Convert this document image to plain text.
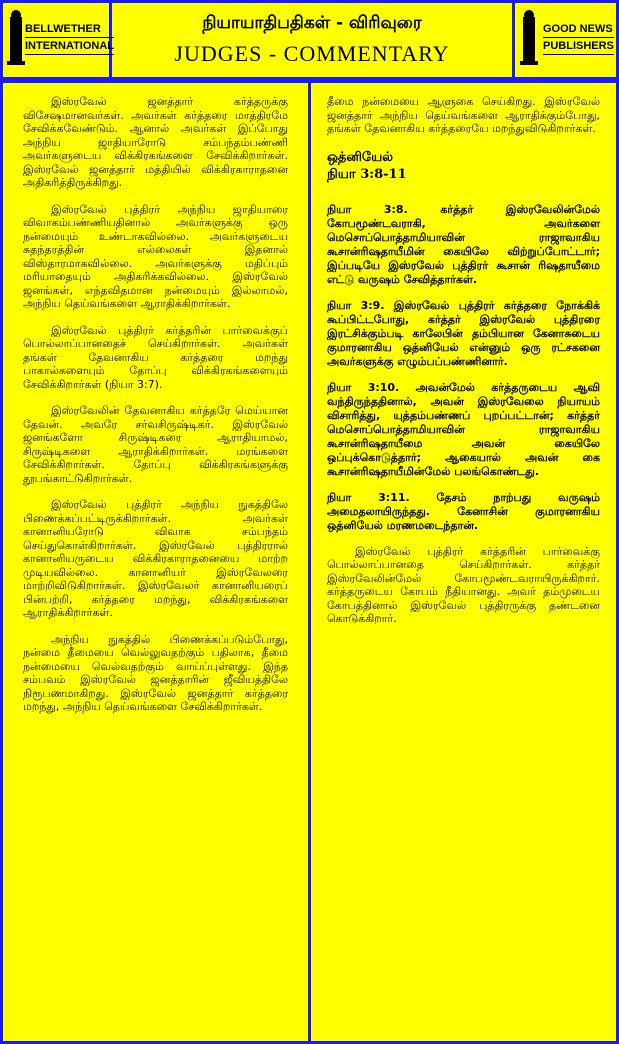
BELLWETHER
INTERNATIONAL
நியாயாதிபதிகள் - விரிவுரை
JUDGES - COMMENTARY
GOOD NEWS
PUBLISHERS

இஸ்ரவேல் ஜனத்தார் கர்த்தருக்கு விசேஷமானவர்கள். அவர்கள் கர்த்தரை மாத்திரமே சேவிக்கவேண்டும். ஆனால் அவர்கள் இப்போது அந்நிய ஜாதியாரோடு சம்பந்தம்பண்ணி அவர்களுடைய விக்கிரகங்களை சேவிக்கிறார்கள். இஸ்ரவேல் ஜனத்தார் மத்தியில் விக்கிரகாராதனை அதிகரித்திருக்கிறது.

இஸ்ரவேல் புத்திரர் அந்நிய ஜாதியாரை விவாகம்பண்ணியதினால் அவர்களுக்கு ஒரு நன்மையும் உண்டாகவில்லை. அவர்களுடைய சுதந்தரத்தின் எல்லைகள் இதனால் விஸ்தாரமாகவில்லை. அவர்களுக்கு மதிப்பும் மரியாதையும் அதிகரிக்கவில்லை. இஸ்ரவேல் ஜனங்கள், எந்தவிதமான நன்மையும் இல்லாமல், அந்நிய தெய்வங்களை ஆராதிக்கிறார்கள்.

இஸ்ரவேல் புத்திரர் கர்த்தரின் பார்வைக்குப் பொல்லாப்பானதைச் செய்கிறார்கள். அவர்கள் தங்கள் தேவனாகிய கர்த்தரை மறந்து பாகால்களையும் தோப்பு விக்கிரகங்களையும் சேவிக்கிறார்கள் (நியா 3:7).

இஸ்ரவேலின் தேவனாகிய கர்த்தரே மெய்யான தேவன். அவரே சர்வசிருஷ்டிகர். இஸ்ரவேல் ஜனங்களோ சிருஷ்டிகரை ஆராதியாமல், சிருஷ்டிகளை ஆராதிக்கிறார்கள். மரங்களை சேவிக்கிறார்கள். தோப்பு விக்கிரகங்களுக்கு தூபங்காட்டுகிறார்கள்.

இஸ்ரவேல் புத்திரர் அந்நிய நுகத்திலே பிணைக்கப்பட்டிருக்கிறார்கள். அவர்கள் கானானியரோடு விவாக சம்பந்தம் செய்துகொள்கிறார்கள். இஸ்ரவேல் புத்திரரால் கானானியருடைய விக்கிரகாராதனையை மாற்ற முடியவில்லை. கானானியர் இஸ்ரவேலரை மாற்றிவிடுகிறார்கள். இஸ்ரவேலர் கானானியரைப் பின்பற்றி, கர்த்தரை மறந்து, விக்கிரகங்களை ஆராதிக்கிறார்கள்.

அந்நிய நுகத்தில் பிணைக்கப்படும்போது, நன்மை தீமையை வெல்லுவதற்கும் பதிலாக, தீமை நன்மையை வெல்வதற்கும் வாய்ப்புள்ளது. இந்த சம்பவம் இஸ்ரவேல் ஜனத்தாரின் ஜீவியத்திலே நிரூபணமாகிறது. இஸ்ரவேல் ஜனத்தார் கர்த்தரை மறந்து, அந்நிய தெய்வங்களை சேவிக்கிறார்கள்.

தீமை நன்மையை ஆளுகை செய்கிறது. இஸ்ரவேல் ஜனத்தார் அந்நிய தெய்வங்களை ஆராதிக்கும்போது, தங்கள் தேவனாகிய கர்த்தரையே மறந்துவிடுகிறார்கள்.

ஒத்னியேல்
நியா 3:8-11

நியா 3:8. கர்த்தர் இஸ்ரவேலின்மேல் கோபமூண்டவராகி, அவர்களை மெசொப்பொத்தாமியாவின் ராஜாவாகிய கூசான்ரிஷதாயீமின் கையிலே விற்றுப்போட்டார்; இப்படியே இஸ்ரவேல் புத்திரர் கூசான் ரிஷதாயீமை எட்டு வருஷம் சேவித்தார்கள்.

நியா 3:9. இஸ்ரவேல் புத்திரர் கர்த்தரை நோக்கிக் கூப்பிட்டபோது, கர்த்தர் இஸ்ரவேல் புத்திரரை இரட்சிக்கும்படி காலேபின் தம்பியான கேனாசுடைய குமாரனாகிய ஒத்னியேல் என்னும் ஒரு ரட்சகனை அவர்களுக்கு எழும்பப்பண்ணினார்.

நியா 3:10. அவன்மேல் கர்த்தருடைய ஆவி வந்திருந்ததினால், அவன் இஸ்ரவேலை நியாயம் விசாரித்து, யுத்தம்பண்ணப் புறப்பட்டான்; கர்த்தர் மெசொப்பொத்தாமியாவின் ராஜாவாகிய கூசான்ரிஷதாயீமை அவன் கையிலே ஒப்புக்கொடுத்தார்; ஆகையால் அவன் கை கூசான்ரிஷதாயீமின்மேல் பலங்கொண்டது.

நியா 3:11. தேசம் நாற்பது வருஷம் அமைதலாயிருந்தது. கேனாசின் குமாரனாகிய ஒத்னியேல் மரணமடைந்தான்.

இஸ்ரவேல் புத்திரர் கர்த்தரின் பார்வைக்கு பொல்லாப்பானதை செய்கிறார்கள். கர்த்தர் இஸ்ரவேலின்மேல் கோபமூண்டவராயிருக்கிறார். கர்த்தருடைய கோபம் நீதியானது. அவர் தம்முடைய கோபத்தினால் இஸ்ரவேல் புத்திரருக்கு தண்டனை கொடுக்கிறார்.
